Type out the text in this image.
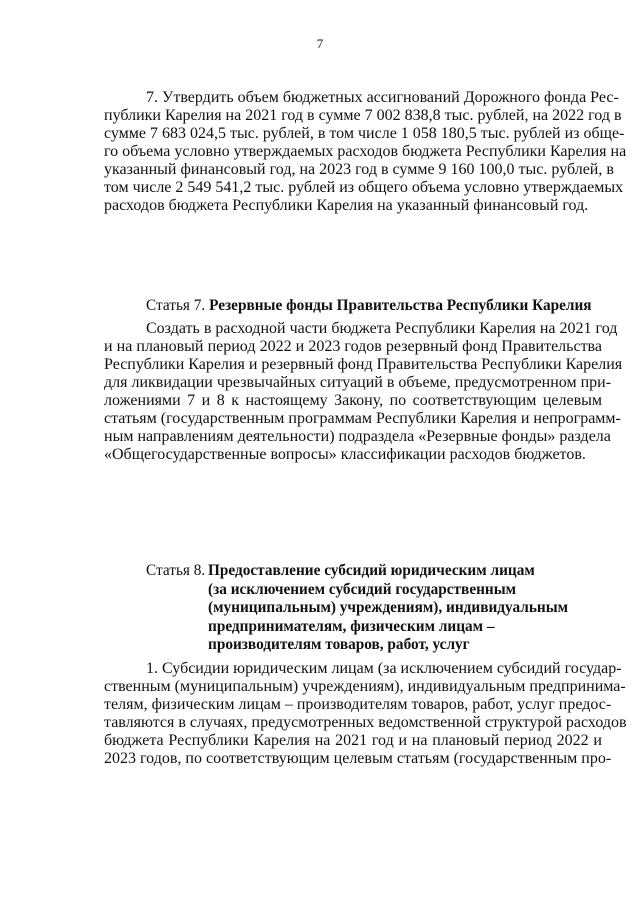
7
7. Утвердить объем бюджетных ассигнований Дорожного фонда Рес-
публики Карелия на 2021 год в сумме 7 002 838,8 тыс. рублей, на 2022 год в
сумме 7 683 024,5 тыс. рублей, в том числе 1 058 180,5 тыс. рублей из обще-
го объема условно утверждаемых расходов бюджета Республики Карелия на
указанный финансовый год, на 2023 год в сумме 9 160 100,0 тыс. рублей, в
том числе 2 549 541,2 тыс. рублей из общего объема условно утверждаемых
расходов бюджета Республики Карелия на указанный финансовый год.
Статья 7. Резервные фонды Правительства Республики Карелия
Создать в расходной части бюджета Республики Карелия на 2021 год
и на плановый период 2022 и 2023 годов резервный фонд Правительства
Республики Карелия и резервный фонд Правительства Республики Карелия
для ликвидации чрезвычайных ситуаций в объеме, предусмотренном при-
ложениями 7 и 8 к настоящему Закону, по соответствующим целевым
статьям (государственным программам Республики Карелия и непрограмм-
ным направлениям деятельности) подраздела «Резервные фонды» раздела
«Общегосударственные вопросы» классификации расходов бюджетов.
Статья 8. Предоставление субсидий юридическим лицам
(за исключением субсидий государственным
(муниципальным) учреждениям), индивидуальным
предпринимателям, физическим лицам –
производителям товаров, работ, услуг
1. Субсидии юридическим лицам (за исключением субсидий государ-
ственным (муниципальным) учреждениям), индивидуальным предпринима-
телям, физическим лицам – производителям товаров, работ, услуг предос-
тавляются в случаях, предусмотренных ведомственной структурой расходов
бюджета Республики Карелия на 2021 год и на плановый период 2022 и
2023 годов, по соответствующим целевым статьям (государственным про-
